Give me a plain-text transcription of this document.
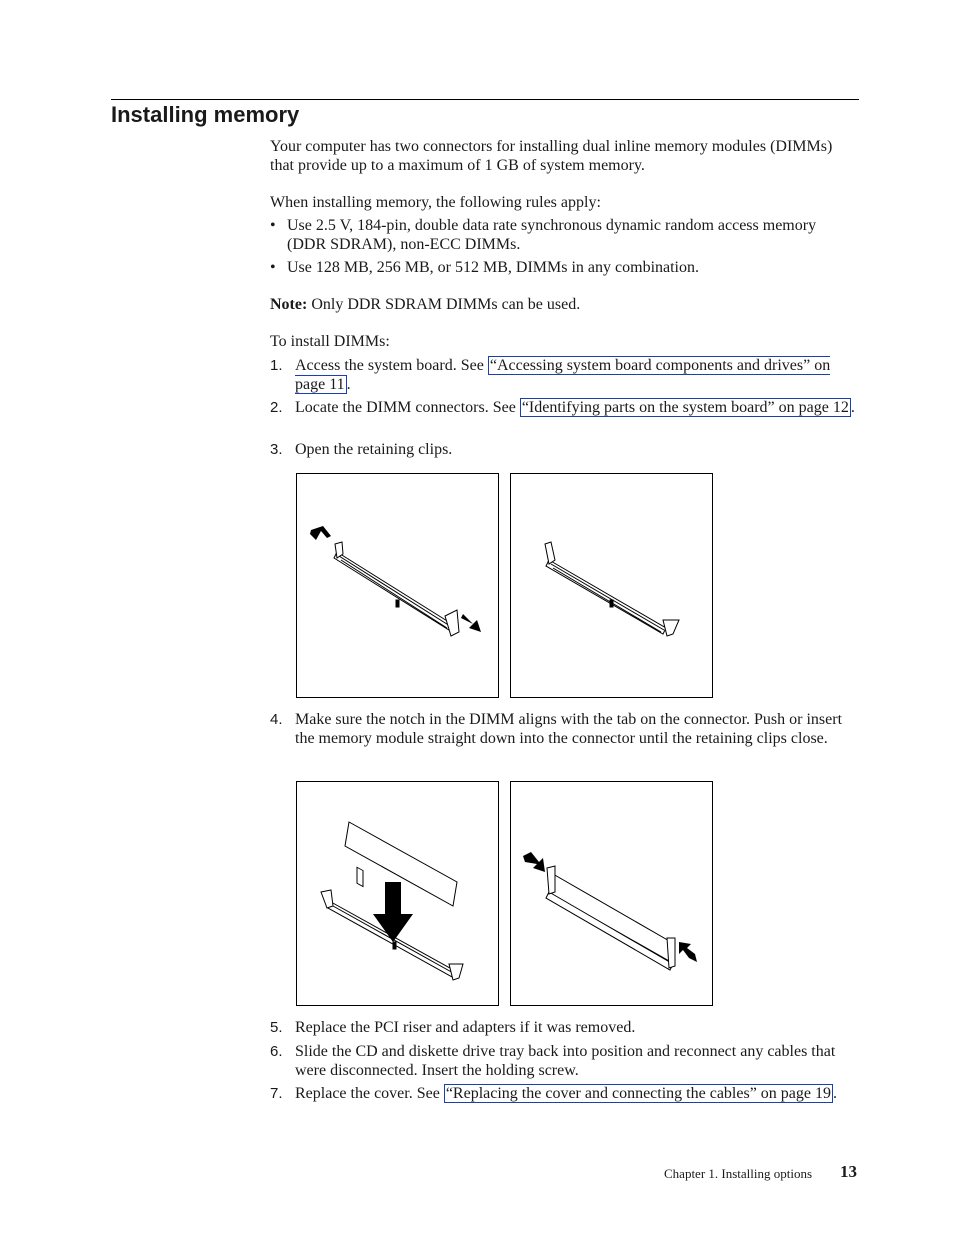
Installing memory
Your computer has two connectors for installing dual inline memory modules (DIMMs) that provide up to a maximum of 1 GB of system memory.
When installing memory, the following rules apply:
• Use 2.5 V, 184-pin, double data rate synchronous dynamic random access memory (DDR SDRAM), non-ECC DIMMs.
• Use 128 MB, 256 MB, or 512 MB, DIMMs in any combination.
Note: Only DDR SDRAM DIMMs can be used.
To install DIMMs:
1. Access the system board. See “Accessing system board components and drives” on page 11 .
2. Locate the DIMM connectors. See “Identifying parts on the system board” on page 12 .
3. Open the retaining clips.
4. Make sure the notch in the DIMM aligns with the tab on the connector. Push or insert the memory module straight down into the connector until the retaining clips close.
5. Replace the PCI riser and adapters if it was removed.
6. Slide the CD and diskette drive tray back into position and reconnect any cables that were disconnected. Insert the holding screw.
7. Replace the cover. See “Replacing the cover and connecting the cables” on page 19 .
Chapter 1. Installing options 13
